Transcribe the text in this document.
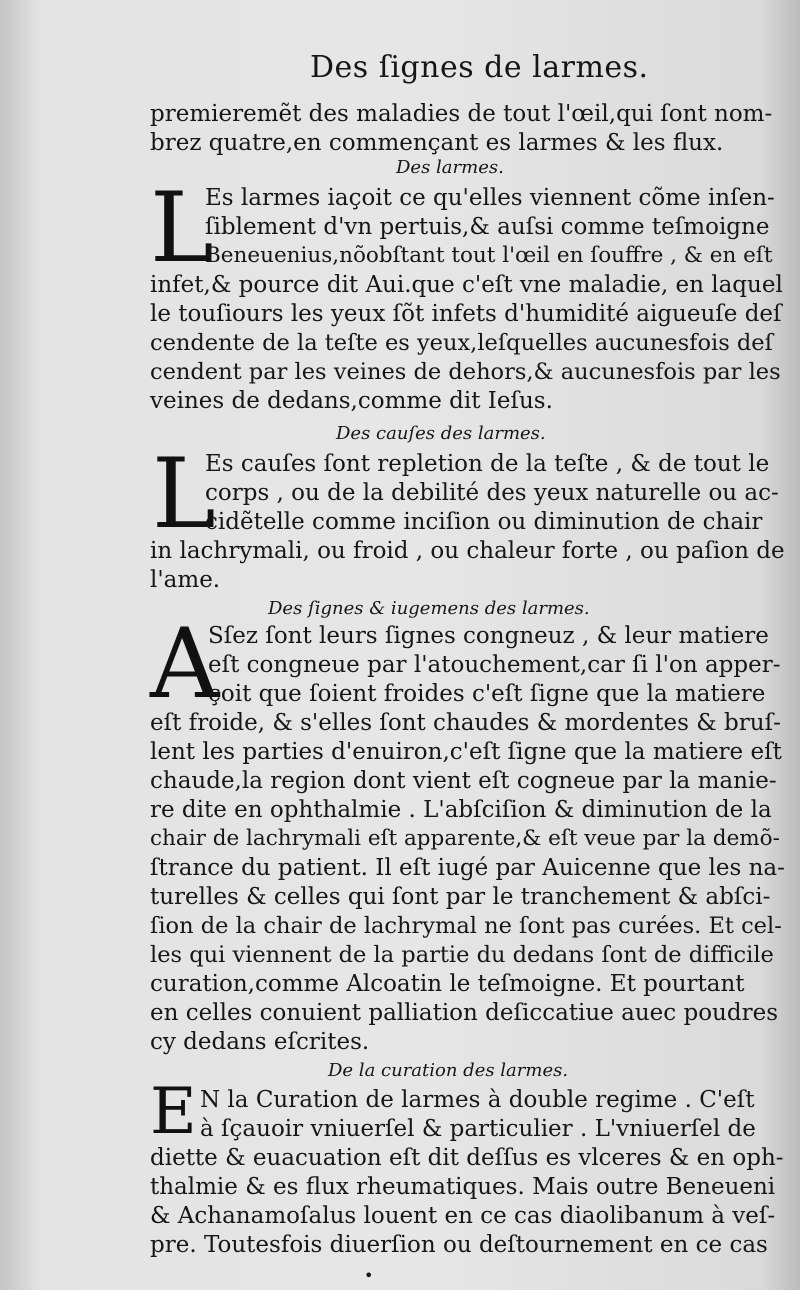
Des ſignes de larmes.
premieremẽt des maladies de tout l'œil,qui ſont nom-
brez quatre,en commençant es larmes & les flux.
Des larmes.
L
Es larmes iaçoit ce qu'elles viennent cõme inſen-
ſiblement d'vn pertuis,& auſsi comme teſmoigne
Beneuenius,nõobſtant tout l'œil en ſouffre , & en eſt
infet,& pource dit Aui.que c'eſt vne maladie, en laquel
le touſiours les yeux ſõt infets d'humidité aigueuſe deſ
cendente de la teſte es yeux,leſquelles aucunesfois deſ
cendent par les veines de dehors,& aucunesfois par les
veines de dedans,comme dit Ieſus.
Des cauſes des larmes.
L
Es cauſes ſont repletion de la teſte , & de tout le
corps , ou de la debilité des yeux naturelle ou ac-
cidẽtelle comme inciſion ou diminution de chair
in lachrymali, ou froid , ou chaleur forte , ou paſion de
l'ame.
Des ſignes & iugemens des larmes.
A
Sſez ſont leurs ſignes congneuz , & leur matiere
eſt congneue par l'atouchement,car ſi l'on apper-
çoit que ſoient froides c'eſt ſigne que la matiere
eſt froide, & s'elles ſont chaudes & mordentes & bruſ-
lent les parties d'enuiron,c'eſt ſigne que la matiere eſt
chaude,la region dont vient eſt cogneue par la manie-
re dite en ophthalmie . L'abſciſion & diminution de la
chair de lachrymali eſt apparente,& eſt veue par la demõ-
ſtrance du patient. Il eſt iugé par Auicenne que les na-
turelles & celles qui ſont par le tranchement & abſci-
ſion de la chair de lachrymal ne ſont pas curées. Et cel-
les qui viennent de la partie du dedans ſont de difficile
curation,comme Alcoatin le teſmoigne. Et pourtant
en celles conuient palliation deſiccatiue auec poudres
cy dedans eſcrites.
De la curation des larmes.
E N la Curation de larmes à double regime . C'eſt
à ſçauoir vniuerſel & particulier . L'vniuerſel de
diette & euacuation eſt dit deſſus es vlceres & en oph-
thalmie & es flux rheumatiques. Mais outre Beneueni
& Achanamoſalus louent en ce cas diaolibanum à veſ-
pre. Toutesfois diuerſion ou deſtournement en ce cas
•
